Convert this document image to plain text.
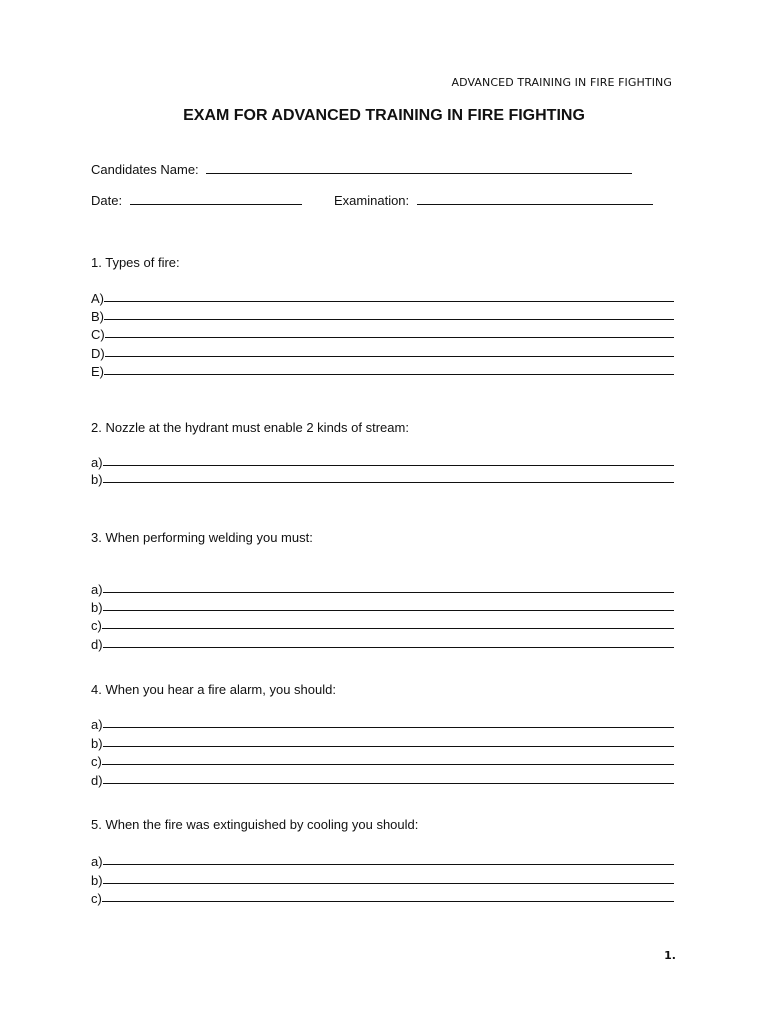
ADVANCED TRAINING IN FIRE FIGHTING
EXAM FOR ADVANCED TRAINING IN FIRE FIGHTING
Candidates Name:
Date:	Examination:
1. Types of fire:
A)
B)
C)
D)
E)
2. Nozzle at the hydrant must enable 2 kinds of stream:
a)
b)
3. When performing welding you must:
a)
b)
c)
d)
4. When you hear a fire alarm, you should:
a)
b)
c)
d)
5. When the fire was extinguished by cooling you should:
a)
b)
c)
1.
